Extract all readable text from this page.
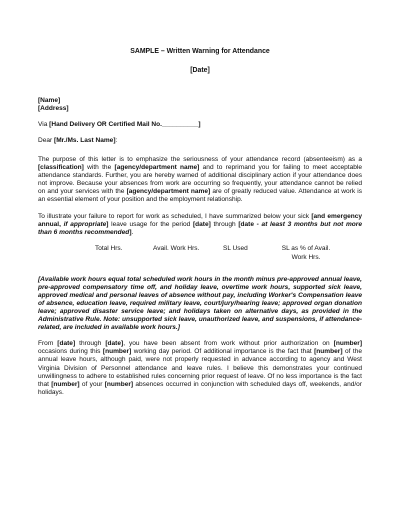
SAMPLE – Written Warning for Attendance
[Date]
[Name]
[Address]
Via [Hand Delivery OR Certified Mail No.__________]
Dear [Mr./Ms. Last Name]:

The purpose of this letter is to emphasize the seriousness of your attendance record (absenteeism) as a [classification] with the [agency/department name] and to reprimand you for failing to meet acceptable attendance standards. Further, you are hereby warned of additional disciplinary action if your attendance does not improve. Because your absences from work are occurring so frequently, your attendance cannot be relied on and your services with the [agency/department name] are of greatly reduced value. Attendance at work is an essential element of your position and the employment relationship.

To illustrate your failure to report for work as scheduled, I have summarized below your sick [and emergency annual, if appropriate] leave usage for the period [date] through [date - at least 3 months but not more than 6 months recommended].

Total Hrs.	Avail. Work Hrs.	SL Used	SL as % of Avail. Work Hrs.

[Available work hours equal total scheduled work hours in the month minus pre-approved annual leave, pre-approved compensatory time off, and holiday leave, overtime work hours, supported sick leave, approved medical and personal leaves of absence without pay, including Worker's Compensation leave of absence, education leave, required military leave, court/jury/hearing leave; approved organ donation leave; approved disaster service leave; and holidays taken on alternative days, as provided in the Administrative Rule. Note: unsupported sick leave, unauthorized leave, and suspensions, if attendance-related, are included in available work hours.]

From [date] through [date], you have been absent from work without prior authorization on [number] occasions during this [number] working day period. Of additional importance is the fact that [number] of the annual leave hours, although paid, were not properly requested in advance according to agency and West Virginia Division of Personnel attendance and leave rules. I believe this demonstrates your continued unwillingness to adhere to established rules concerning prior request of leave. Of no less importance is the fact that [number] of your [number] absences occurred in conjunction with scheduled days off, weekends, and/or holidays.
